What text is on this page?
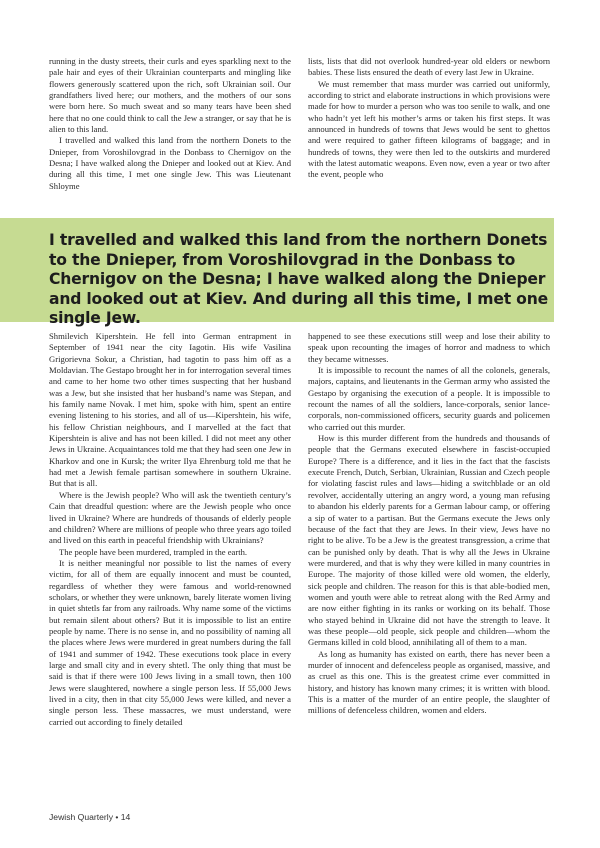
running in the dusty streets, their curls and eyes sparkling next to the pale hair and eyes of their Ukrainian counterparts and mingling like flowers generously scattered upon the rich, soft Ukrainian soil. Our grandfathers lived here; our mothers, and the mothers of our sons were born here. So much sweat and so many tears have been shed here that no one could think to call the Jew a stranger, or say that he is alien to this land.

I travelled and walked this land from the northern Donets to the Dnieper, from Voroshilovgrad in the Donbass to Chernigov on the Desna; I have walked along the Dnieper and looked out at Kiev. And during all this time, I met one single Jew. This was Lieutenant Shloyme

lists, lists that did not overlook hundred-year old elders or newborn babies. These lists ensured the death of every last Jew in Ukraine.

We must remember that mass murder was carried out uniformly, according to strict and elaborate instructions in which provisions were made for how to murder a person who was too senile to walk, and one who hadn’t yet left his mother’s arms or taken his first steps. It was announced in hundreds of towns that Jews would be sent to ghettos and were required to gather fifteen kilograms of baggage; and in hundreds of towns, they were then led to the outskirts and murdered with the latest automatic weapons. Even now, even a year or two after the event, people who

I travelled and walked this land from the northern Donets to the Dnieper, from Voroshilovgrad in the Donbass to Chernigov on the Desna; I have walked along the Dnieper and looked out at Kiev. And during all this time, I met one single Jew.

Shmilevich Kipershtein. He fell into German entrapment in September of 1941 near the city Iagotin. His wife Vasilina Grigorievna Sokur, a Christian, had tagotin to pass him off as a Moldavian. The Gestapo brought her in for interrogation several times and came to her home two other times suspecting that her husband was a Jew, but she insisted that her husband’s name was Stepan, and his family name Novak. I met him, spoke with him, spent an entire evening listening to his stories, and all of us—Kipershtein, his wife, his fellow Christian neighbours, and I marvelled at the fact that Kipershtein is alive and has not been killed. I did not meet any other Jews in Ukraine. Acquaintances told me that they had seen one Jew in Kharkov and one in Kursk; the writer Ilya Ehrenburg told me that he had met a Jewish female partisan somewhere in southern Ukraine. But that is all.

Where is the Jewish people? Who will ask the twentieth century’s Cain that dreadful question: where are the Jewish people who once lived in Ukraine? Where are hundreds of thousands of elderly people and children? Where are millions of people who three years ago toiled and lived on this earth in peaceful friendship with Ukrainians?

The people have been murdered, trampled in the earth.

It is neither meaningful nor possible to list the names of every victim, for all of them are equally innocent and must be counted, regardless of whether they were famous and world-renowned scholars, or whether they were unknown, barely literate women living in quiet shtetls far from any railroads. Why name some of the victims but remain silent about others? But it is impossible to list an entire people by name. There is no sense in, and no possibility of naming all the places where Jews were murdered in great numbers during the fall of 1941 and summer of 1942. These executions took place in every large and small city and in every shtetl. The only thing that must be said is that if there were 100 Jews living in a small town, then 100 Jews were slaughtered, nowhere a single person less. If 55,000 Jews lived in a city, then in that city 55,000 Jews were killed, and never a single person less. These massacres, we must understand, were carried out according to finely detailed

happened to see these executions still weep and lose their ability to speak upon recounting the images of horror and madness to which they became witnesses.

It is impossible to recount the names of all the colonels, generals, majors, captains, and lieutenants in the German army who assisted the Gestapo by organising the execution of a people. It is impossible to recount the names of all the soldiers, lance-corporals, senior lance-corporals, non-commissioned officers, security guards and policemen who carried out this murder.

How is this murder different from the hundreds and thousands of people that the Germans executed elsewhere in fascist-occupied Europe? There is a difference, and it lies in the fact that the fascists execute French, Dutch, Serbian, Ukrainian, Russian and Czech people for violating fascist rules and laws—hiding a switchblade or an old revolver, accidentally uttering an angry word, a young man refusing to abandon his elderly parents for a German labour camp, or offering a sip of water to a partisan. But the Germans execute the Jews only because of the fact that they are Jews. In their view, Jews have no right to be alive. To be a Jew is the greatest transgression, a crime that can be punished only by death. That is why all the Jews in Ukraine were murdered, and that is why they were killed in many countries in Europe. The majority of those killed were old women, the elderly, sick people and children. The reason for this is that able-bodied men, women and youth were able to retreat along with the Red Army and are now either fighting in its ranks or working on its behalf. Those who stayed behind in Ukraine did not have the strength to leave. It was these people—old people, sick people and children—whom the Germans killed in cold blood, annihilating all of them to a man.

As long as humanity has existed on earth, there has never been a murder of innocent and defenceless people as organised, massive, and as cruel as this one. This is the greatest crime ever committed in history, and history has known many crimes; it is written with blood. This is a matter of the murder of an entire people, the slaughter of millions of defenceless children, women and elders.

Jewish Quarterly • 14
